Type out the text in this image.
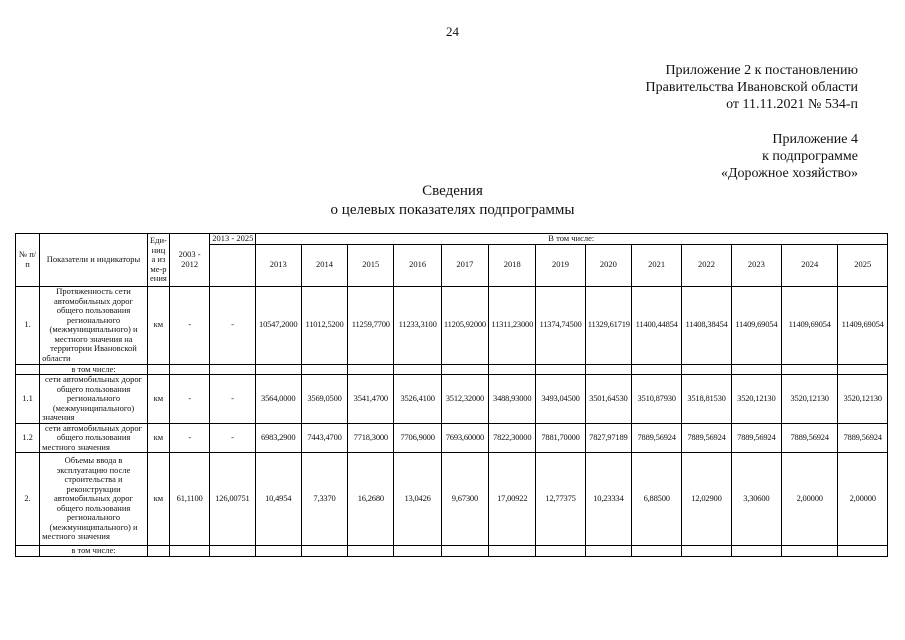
24
Приложение 2 к постановлению
Правительства Ивановской области
от 11.11.2021 № 534-п
Приложение 4
к подпрограмме
«Дорожное хозяйство»
Сведения
о целевых показателях подпрограммы
№ п/п	Показатели и индикаторы	Еди-ница изме-рения	2003 - 2012	2013 - 2025	В том числе:												
					2013	2014	2015	2016	2017	2018	2019	2020	2021	2022	2023	2024	2025
1.	Протяженность сети автомобильных дорог общего пользования регионального (межмуниципального) и местного значения на территории Ивановской области	км	-	-	10547,2000	11012,5200	11259,7700	11233,3100	11205,92000	11311,23000	11374,74500	11329,61719	11400,44854	11408,38454	11409,69054	11409,69054	11409,69054
	в том числе:																
1.1	сети автомобильных дорог общего пользования регионального (межмуниципального) значения	км	-	-	3564,0000	3569,0500	3541,4700	3526,4100	3512,32000	3488,93000	3493,04500	3501,64530	3510,87930	3518,81530	3520,12130	3520,12130	3520,12130
1.2	сети автомобильных дорог общего пользования местного значения	км	-	-	6983,2900	7443,4700	7718,3000	7706,9000	7693,60000	7822,30000	7881,70000	7827,97189	7889,56924	7889,56924	7889,56924	7889,56924	7889,56924
2.	Объемы ввода в эксплуатацию после строительства и реконструкции автомобильных дорог общего пользования регионального (межмуниципального) и местного значения	км	61,1100	126,00751	10,4954	7,3370	16,2680	13,0426	9,67300	17,00922	12,77375	10,23334	6,88500	12,02900	3,30600	2,00000	2,00000
	в том числе:																
